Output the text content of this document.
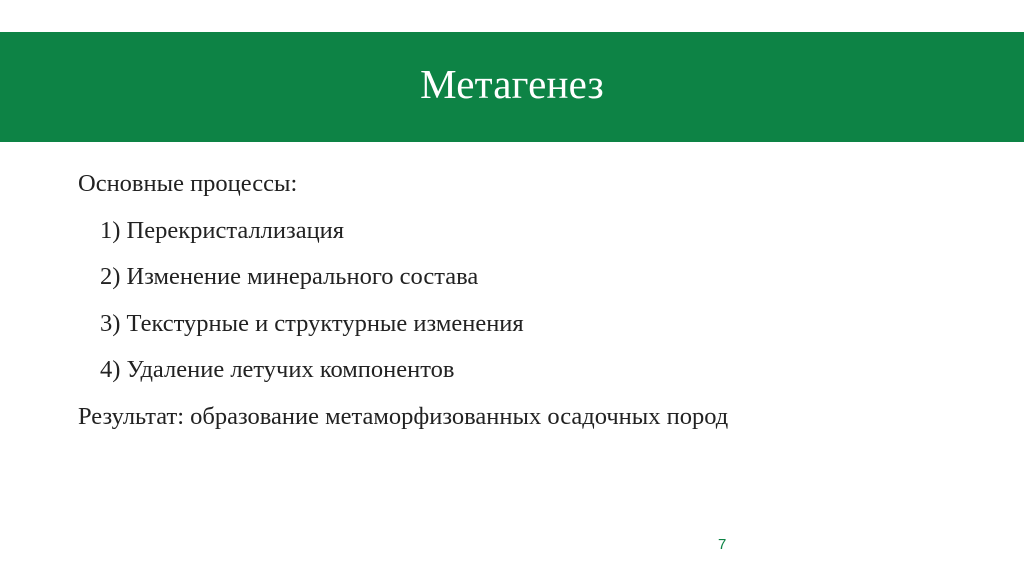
Метагенез
Основные процессы:
1) Перекристаллизация
2) Изменение минерального состава
3) Текстурные и структурные изменения
4) Удаление летучих компонентов
Результат: образование метаморфизованных осадочных пород
7
